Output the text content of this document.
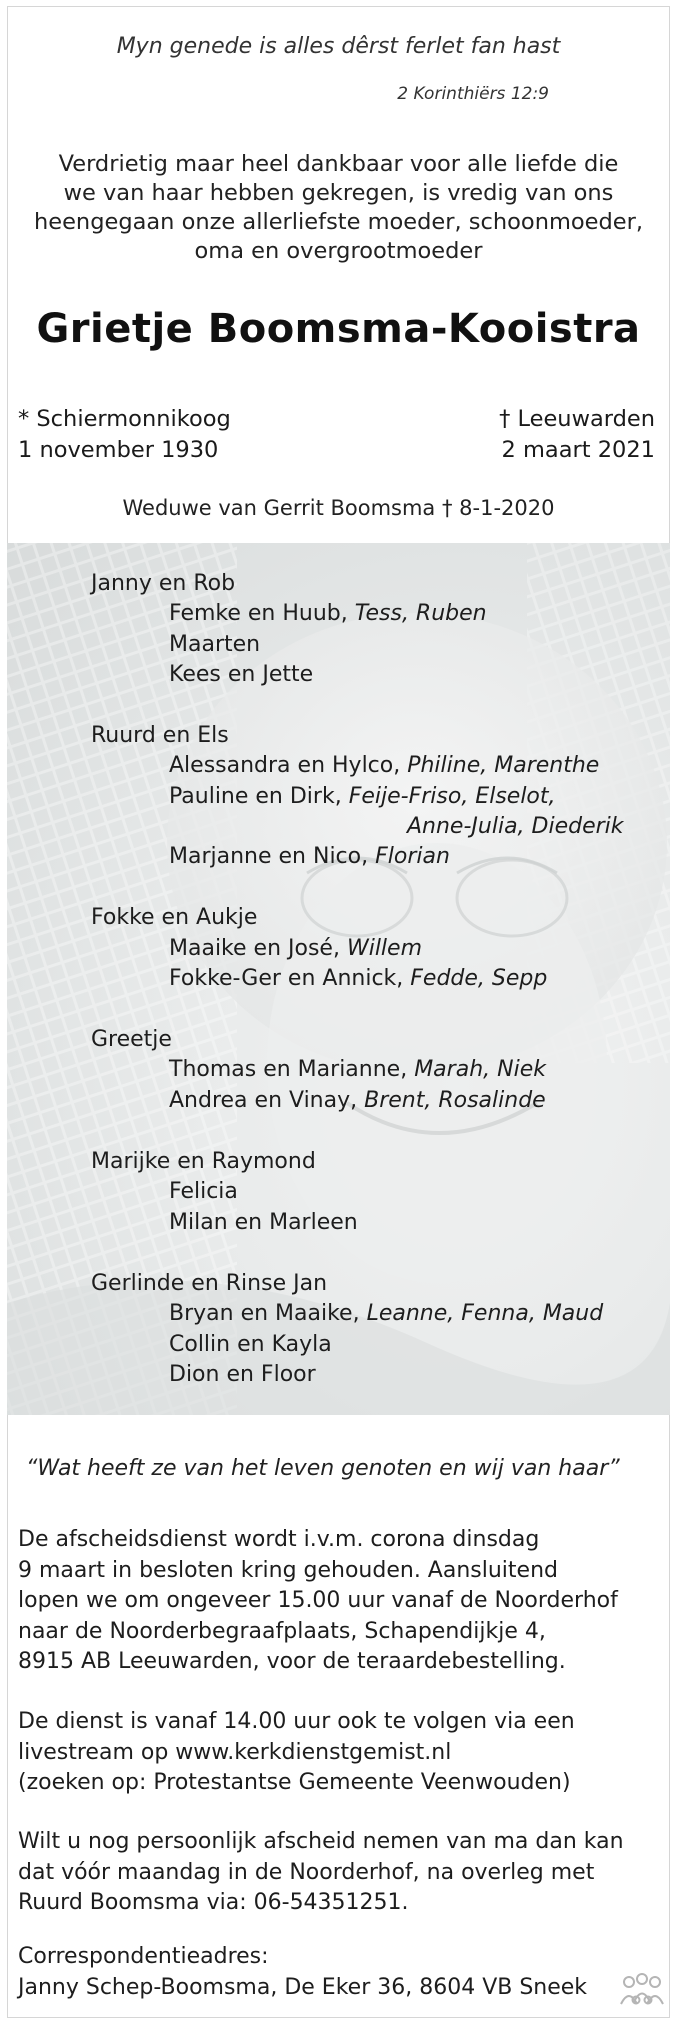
Myn genede is alles dêrst ferlet fan hast
2 Korinthiërs 12:9
Verdrietig maar heel dankbaar voor alle liefde die
we van haar hebben gekregen, is vredig van ons
heengegaan onze allerliefste moeder, schoonmoeder,
oma en overgrootmoeder
Grietje Boomsma-Kooistra
* Schiermonnikoog
1 november 1930
† Leeuwarden
2 maart 2021
Weduwe van Gerrit Boomsma † 8-1-2020
Janny en Rob
Femke en Huub, Tess, Ruben
Maarten
Kees en Jette
Ruurd en Els
Alessandra en Hylco, Philine, Marenthe
Pauline en Dirk, Feije-Friso, Elselot,
Anne-Julia, Diederik
Marjanne en Nico, Florian
Fokke en Aukje
Maaike en José, Willem
Fokke-Ger en Annick, Fedde, Sepp
Greetje
Thomas en Marianne, Marah, Niek
Andrea en Vinay, Brent, Rosalinde
Marijke en Raymond
Felicia
Milan en Marleen
Gerlinde en Rinse Jan
Bryan en Maaike, Leanne, Fenna, Maud
Collin en Kayla
Dion en Floor
“Wat heeft ze van het leven genoten en wij van haar”
De afscheidsdienst wordt i.v.m. corona dinsdag
9 maart in besloten kring gehouden. Aansluitend
lopen we om ongeveer 15.00 uur vanaf de Noorderhof
naar de Noorderbegraafplaats, Schapendijkje 4,
8915 AB Leeuwarden, voor de teraardebestelling.
De dienst is vanaf 14.00 uur ook te volgen via een
livestream op www.kerkdienstgemist.nl
(zoeken op: Protestantse Gemeente Veenwouden)
Wilt u nog persoonlijk afscheid nemen van ma dan kan
dat vóór maandag in de Noorderhof, na overleg met
Ruurd Boomsma via: 06-54351251.
Correspondentieadres:
Janny Schep-Boomsma, De Eker 36, 8604 VB Sneek
